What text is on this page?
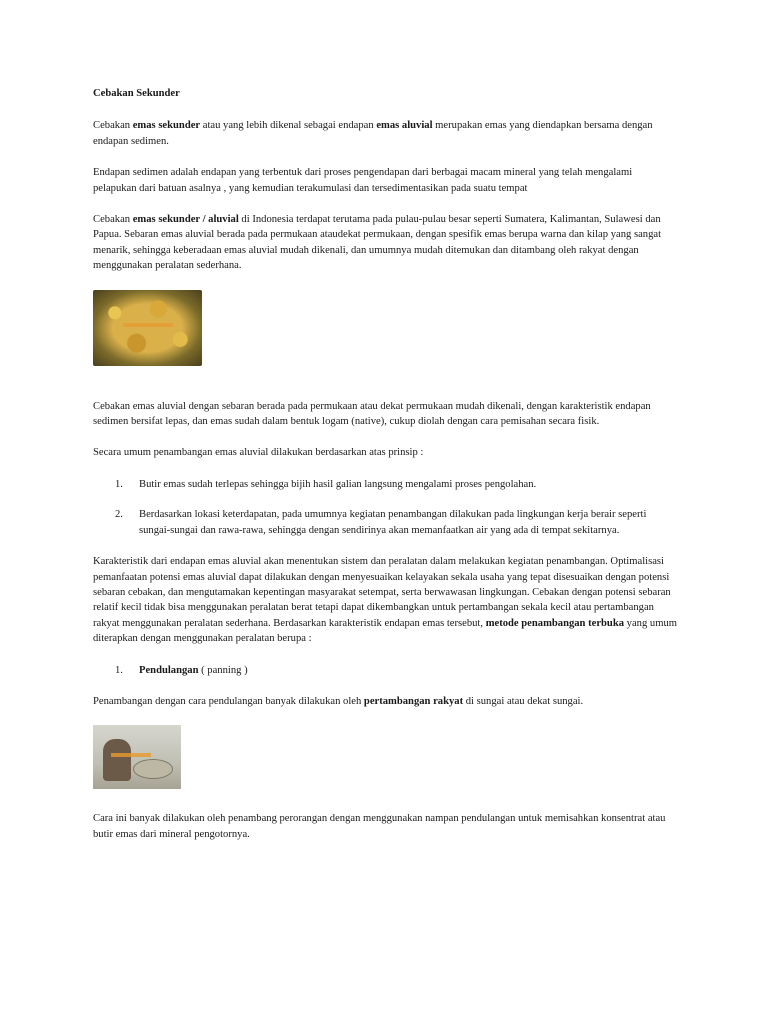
Cebakan Sekunder

Cebakan emas sekunder atau yang lebih dikenal sebagai endapan emas aluvial merupakan emas yang diendapkan bersama dengan endapan sedimen.

Endapan sedimen adalah endapan yang terbentuk dari proses pengendapan dari berbagai macam mineral yang telah mengalami pelapukan dari batuan asalnya , yang kemudian terakumulasi dan tersedimentasikan pada suatu tempat

Cebakan emas sekunder / aluvial di Indonesia terdapat terutama pada pulau-pulau besar seperti Sumatera, Kalimantan, Sulawesi dan Papua. Sebaran emas aluvial berada pada permukaan ataudekat permukaan, dengan spesifik emas berupa warna dan kilap yang sangat menarik, sehingga keberadaan emas aluvial mudah dikenali, dan umumnya mudah ditemukan dan ditambang oleh rakyat dengan menggunakan peralatan sederhana.

Cebakan emas aluvial dengan sebaran berada pada permukaan atau dekat permukaan mudah dikenali, dengan karakteristik endapan sedimen bersifat lepas, dan emas sudah dalam bentuk logam (native), cukup diolah dengan cara pemisahan secara fisik.

Secara umum penambangan emas aluvial dilakukan berdasarkan atas prinsip :

1. Butir emas sudah terlepas sehingga bijih hasil galian langsung mengalami proses pengolahan.
2. Berdasarkan lokasi keterdapatan, pada umumnya kegiatan penambangan dilakukan pada lingkungan kerja berair seperti sungai-sungai dan rawa-rawa, sehingga dengan sendirinya akan memanfaatkan air yang ada di tempat sekitarnya.

Karakteristik dari endapan emas aluvial akan menentukan sistem dan peralatan dalam melakukan kegiatan penambangan. Optimalisasi pemanfaatan potensi emas aluvial dapat dilakukan dengan menyesuaikan kelayakan sekala usaha yang tepat disesuaikan dengan potensi sebaran cebakan, dan mengutamakan kepentingan masyarakat setempat, serta berwawasan lingkungan. Cebakan dengan potensi sebaran relatif kecil tidak bisa menggunakan peralatan berat tetapi dapat dikembangkan untuk pertambangan sekala kecil atau pertambangan rakyat menggunakan peralatan sederhana. Berdasarkan karakteristik endapan emas tersebut, metode penambangan terbuka yang umum diterapkan dengan menggunakan peralatan berupa :

1. Pendulangan ( panning )

Penambangan dengan cara pendulangan banyak dilakukan oleh pertambangan rakyat di sungai atau dekat sungai.

Cara ini banyak dilakukan oleh penambang perorangan dengan menggunakan nampan pendulangan untuk memisahkan konsentrat atau butir emas dari mineral pengotornya.
